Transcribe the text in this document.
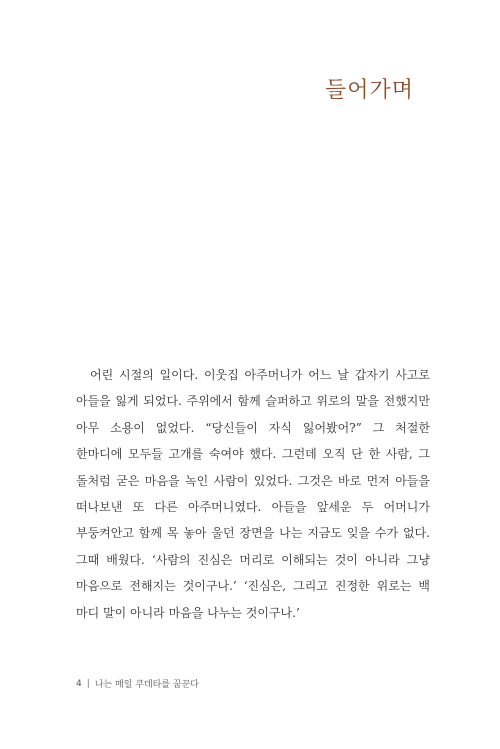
들어가며

어린 시절의 일이다. 이웃집 아주머니가 어느 날 갑자기 사고로 아들을 잃게 되었다. 주위에서 함께 슬퍼하고 위로의 말을 전했지만 아무 소용이 없었다. “당신들이 자식 잃어봤어?” 그 처절한 한마디에 모두들 고개를 숙여야 했다. 그런데 오직 단 한 사람, 그 돌처럼 굳은 마음을 녹인 사람이 있었다. 그것은 바로 먼저 아들을 떠나보낸 또 다른 아주머니였다. 아들을 앞세운 두 어머니가 부둥켜안고 함께 목 놓아 울던 장면을 나는 지금도 잊을 수가 없다. 그때 배웠다. ‘사람의 진심은 머리로 이해되는 것이 아니라 그냥 마음으로 전해지는 것이구나.’ ‘진심은, 그리고 진정한 위로는 백 마디 말이 아니라 마음을 나누는 것이구나.’

4 | 나는 매일 쿠데타를 꿈꾼다
